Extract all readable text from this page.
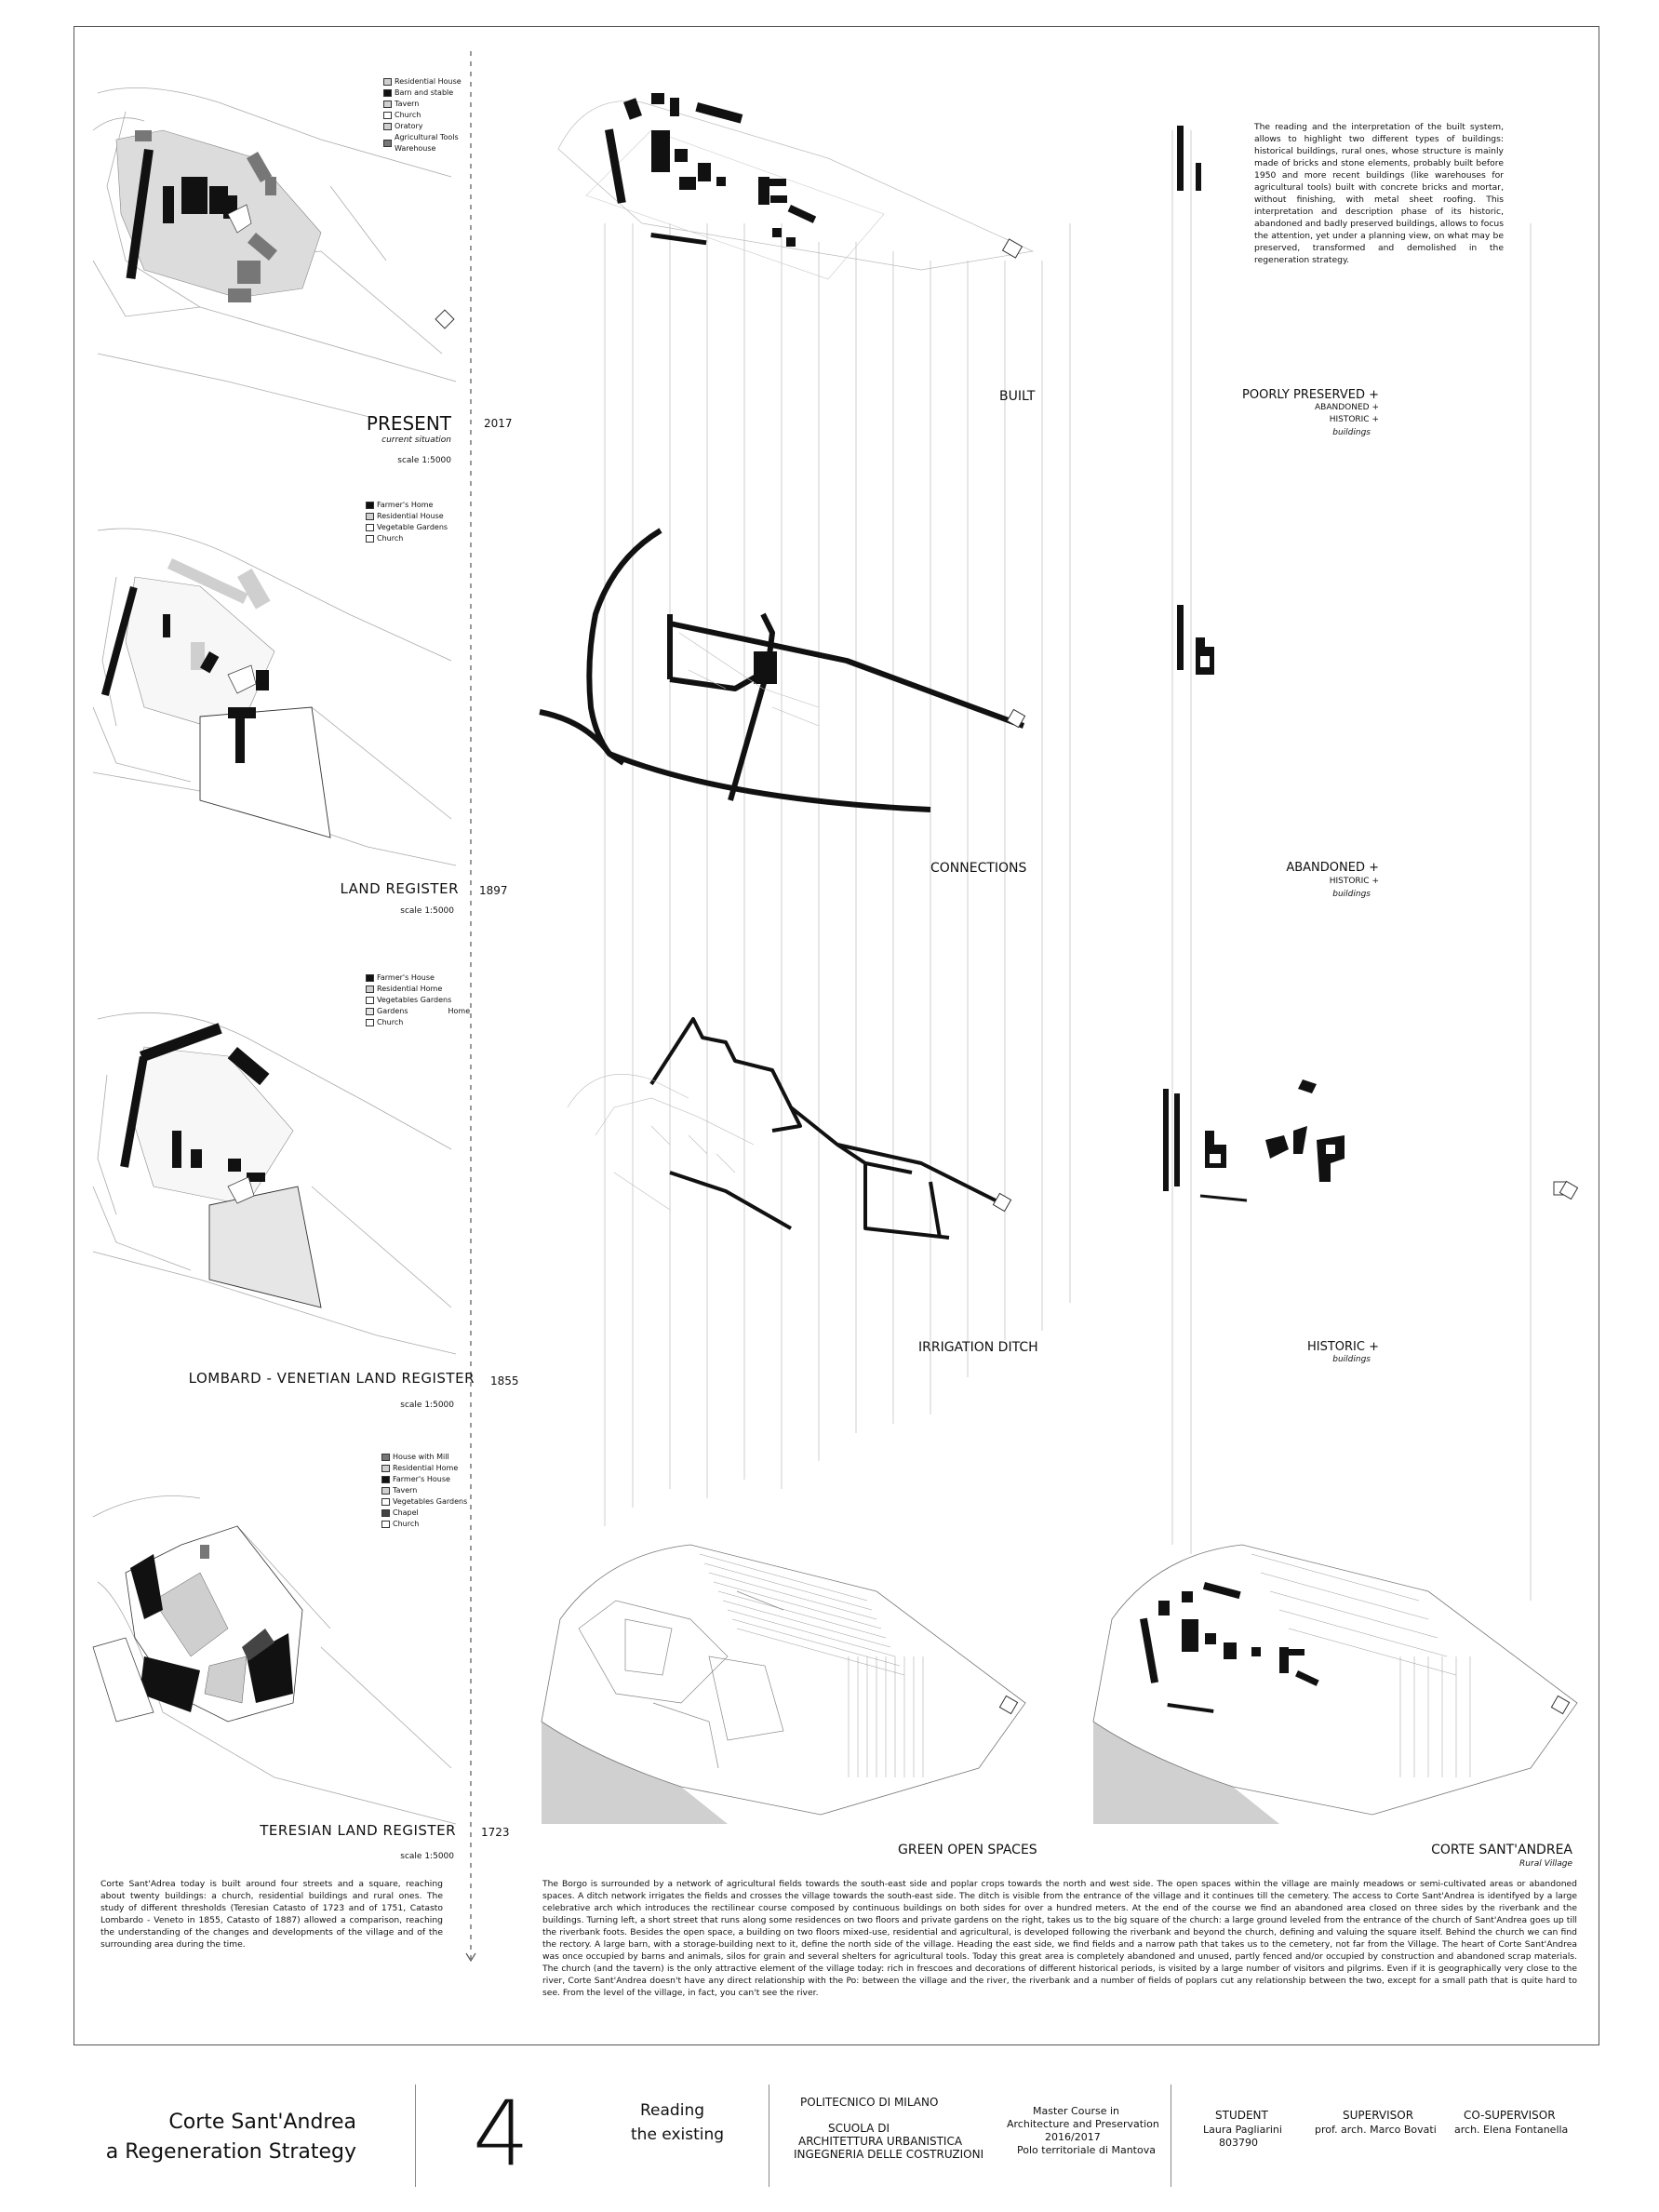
Residential House
Barn and stable
Tavern
Church
Oratory
Agricultural Tools Warehouse
PRESENT
current situation
scale 1:5000
2017
Farmer's Home
Residential House
Vegetable Gardens
Church
LAND REGISTER
scale 1:5000
1897
Farmer's House
Residential Home
Vegetables Gardens
Gardens	Home
Church
LOMBARD - VENETIAN LAND REGISTER
scale 1:5000
1855
House with Mill
Residential Home
Farmer's House
Tavern
Vegetables Gardens
Chapel
Church
TERESIAN LAND REGISTER
scale 1:5000
1723
Corte Sant'Adrea today is built around four streets and a square, reaching about twenty buildings: a church, residential buildings and rural ones. The study of different thresholds (Teresian Catasto of 1723 and of 1751, Catasto Lombardo - Veneto in 1855, Catasto of 1887) allowed a comparison, reaching the understanding of the changes and developments of the village and of the surrounding area during the time.
BUILT
CONNECTIONS
IRRIGATION DITCH
GREEN OPEN SPACES
The reading and the interpretation of the built system, allows to highlight two different types of buildings: historical buildings, rural ones, whose structure is mainly made of bricks and stone elements, probably built before 1950 and more recent buildings (like warehouses for agricultural tools) built with concrete bricks and mortar, without finishing, with metal sheet roofing. This interpretation and description phase of its historic, abandoned and badly preserved buildings, allows to focus the attention, yet under a planning view, on what may be preserved, transformed and demolished in the regeneration strategy.
POORLY PRESERVED +
ABANDONED +
HISTORIC +
buildings
ABANDONED +
HISTORIC +
buildings
HISTORIC +
buildings
CORTE SANT'ANDREA
Rural Village
The Borgo is surrounded by a network of agricultural fields towards the south-east side and poplar crops towards the north and west side. The open spaces within the village are mainly meadows or semi-cultivated areas or abandoned spaces. A ditch network irrigates the fields and crosses the village towards the south-east side. The ditch is visible from the entrance of the village and it continues till the cemetery. The access to Corte Sant'Andrea is identifyed by a large celebrative arch which introduces the rectilinear course composed by continuous buildings on both sides for over a hundred meters. At the end of the course we find an abandoned area closed on three sides by the riverbank and the buildings. Turning left, a short street that runs along some residences on two floors and private gardens on the right, takes us to the big square of the church: a large ground leveled from the entrance of the church of Sant'Andrea goes up till the riverbank foots. Besides the open space, a building on two floors mixed-use, residential and agricultural, is developed following the riverbank and beyond the church, defining and valuing the square itself. Behind the church we can find the rectory. A large barn, with a storage-building next to it, define the north side of the village. Heading the east side, we find fields and a narrow path that takes us to the cemetery, not far from the Village. The heart of Corte Sant'Andrea was once occupied by barns and animals, silos for grain and several shelters for agricultural tools. Today this great area is completely abandoned and unused, partly fenced and/or occupied by construction and abandoned scrap materials. The church (and the tavern) is the only attractive element of the village today: rich in frescoes and decorations of different historical periods, is visited by a large number of visitors and pilgrims. Even if it is geographically very close to the river, Corte Sant'Andrea doesn't have any direct relationship with the Po: between the village and the river, the riverbank and a number of fields of poplars cut any relationship between the two, except for a small path that is quite hard to see. From the level of the village, in fact, you can't see the river.
Corte Sant'Andrea
a Regeneration Strategy 4	Reading
the existing
POLITECNICO DI MILANO
SCUOLA DI
ARCHITETTURA URBANISTICA
INGEGNERIA DELLE COSTRUZIONI
Master Course in
Architecture and Preservation
2016/2017
Polo territoriale di Mantova
STUDENT
Laura Pagliarini
803790
SUPERVISOR
prof. arch. Marco Bovati
CO-SUPERVISOR
arch. Elena Fontanella
